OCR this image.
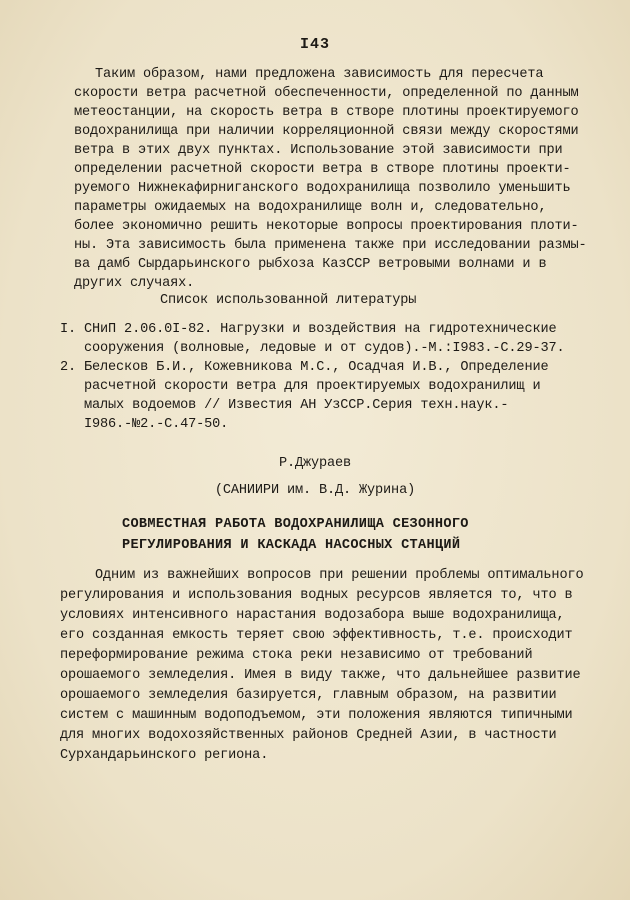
I43
Таким образом, нами предложена зависимость для пересчета
скорости ветра расчетной обеспеченности, определенной по данным
метеостанции, на скорость ветра в створе плотины проектируемого
водохранилища при наличии корреляционной связи между скоростями
ветра в этих двух пунктах. Использование этой зависимости при
определении расчетной скорости ветра в створе плотины проекти-
руемого Нижнекафирниганского водохранилища позволило уменьшить
параметры ожидаемых на водохранилище волн и, следовательно,
более экономично решить некоторые вопросы проектирования плоти-
ны. Эта зависимость была применена также при исследовании размы-
ва дамб Сырдарьинского рыбхоза КазССР ветровыми волнами и в
других случаях.
Список использованной литературы
I. СНиП 2.06.0I-82. Нагрузки и воздействия на гидротехнические
сооружения (волновые, ледовые и от судов).-М.:I983.-С.29-37.
2. Белесков Б.И., Кожевникова М.С., Осадчая И.В., Определение
расчетной скорости ветра для проектируемых водохранилищ и
малых водоемов // Известия АН УзССР.Серия техн.наук.-
I986.-№2.-С.47-50.
Р.Джураев
(САНИИРИ им. В.Д. Журина)
СОВМЕСТНАЯ РАБОТА ВОДОХРАНИЛИЩА СЕЗОННОГО
РЕГУЛИРОВАНИЯ И КАСКАДА НАСОСНЫХ СТАНЦИЙ
Одним из важнейших вопросов при решении проблемы оптимального
регулирования и использования водных ресурсов является то, что в
условиях интенсивного нарастания водозабора выше водохранилища,
его созданная емкость теряет свою эффективность, т.е. происходит
переформирование режима стока реки независимо от требований
орошаемого земледелия. Имея в виду также, что дальнейшее развитие
орошаемого земледелия базируется, главным образом, на развитии
систем с машинным водоподъемом, эти положения являются типичными
для многих водохозяйственных районов Средней Азии, в частности
Сурхандарьинского региона.
